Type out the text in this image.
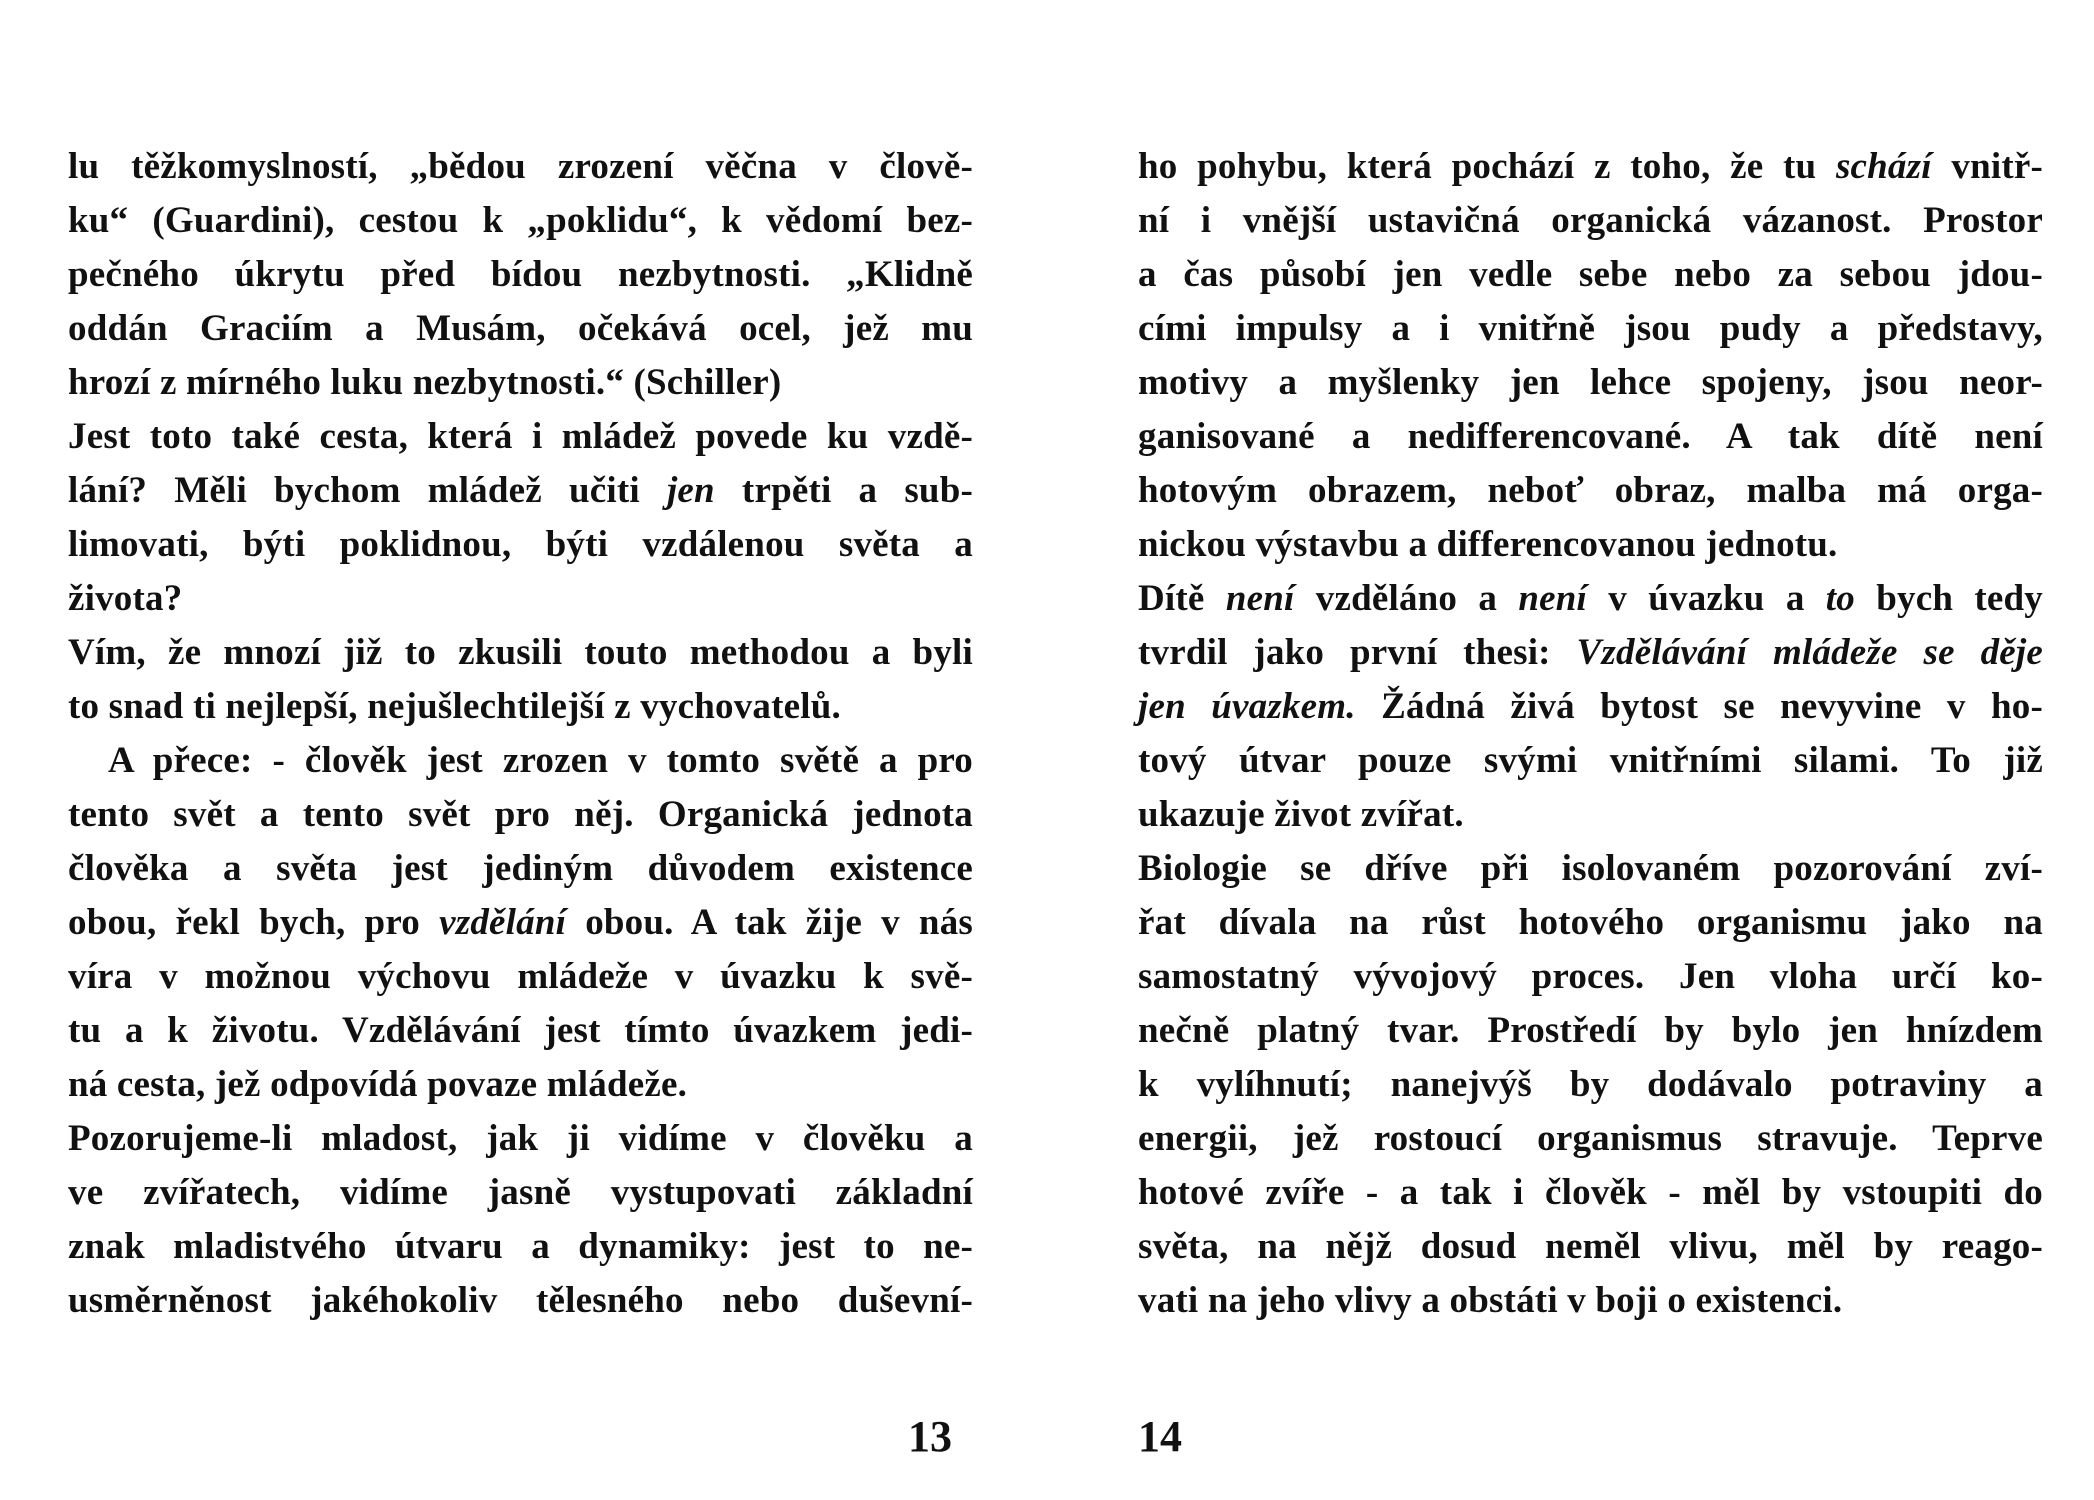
lu těžkomyslností, „bědou zrození věčna v člově-
ku“ (Guardini), cestou k „poklidu“, k vědomí bez-
pečného úkrytu před bídou nezbytnosti. „Klidně
oddán Graciím a Musám, očekává ocel, jež mu
hrozí z mírného luku nezbytnosti.“ (Schiller)
Jest toto také cesta, která i mládež povede ku vzdě-
lání? Měli bychom mládež učiti jen trpěti a sub-
limovati, býti poklidnou, býti vzdálenou světa a
života?
Vím, že mnozí již to zkusili touto methodou a byli
to snad ti nejlepší, nejušlechtilejší z vychovatelů.
A přece: - člověk jest zrozen v tomto světě a pro
tento svět a tento svět pro něj. Organická jednota
člověka a světa jest jediným důvodem existence
obou, řekl bych, pro vzdělání obou. A tak žije v nás
víra v možnou výchovu mládeže v úvazku k svě-
tu a k životu. Vzdělávání jest tímto úvazkem jedi-
ná cesta, jež odpovídá povaze mládeže.
Pozorujeme-li mladost, jak ji vidíme v člověku a
ve zvířatech, vidíme jasně vystupovati základní
znak mladistvého útvaru a dynamiky: jest to ne-
usměrněnost jakéhokoliv tělesného nebo duševní-
ho pohybu, která pochází z toho, že tu schází vnitř-
ní i vnější ustavičná organická vázanost. Prostor
a čas působí jen vedle sebe nebo za sebou jdou-
cími impulsy a i vnitřně jsou pudy a představy,
motivy a myšlenky jen lehce spojeny, jsou neor-
ganisované a nedifferencované. A tak dítě není
hotovým obrazem, neboť obraz, malba má orga-
nickou výstavbu a differencovanou jednotu.
Dítě není vzděláno a není v úvazku a to bych tedy
tvrdil jako první thesi: Vzdělávání mládeže se děje
jen úvazkem. Žádná živá bytost se nevyvine v ho-
tový útvar pouze svými vnitřními silami. To již
ukazuje život zvířat.
Biologie se dříve při isolovaném pozorování zví-
řat dívala na růst hotového organismu jako na
samostatný vývojový proces. Jen vloha určí ko-
nečně platný tvar. Prostředí by bylo jen hnízdem
k vylíhnutí; nanejvýš by dodávalo potraviny a
energii, jež rostoucí organismus stravuje. Teprve
hotové zvíře - a tak i člověk - měl by vstoupiti do
světa, na nějž dosud neměl vlivu, měl by reago-
vati na jeho vlivy a obstáti v boji o existenci.
13	14
